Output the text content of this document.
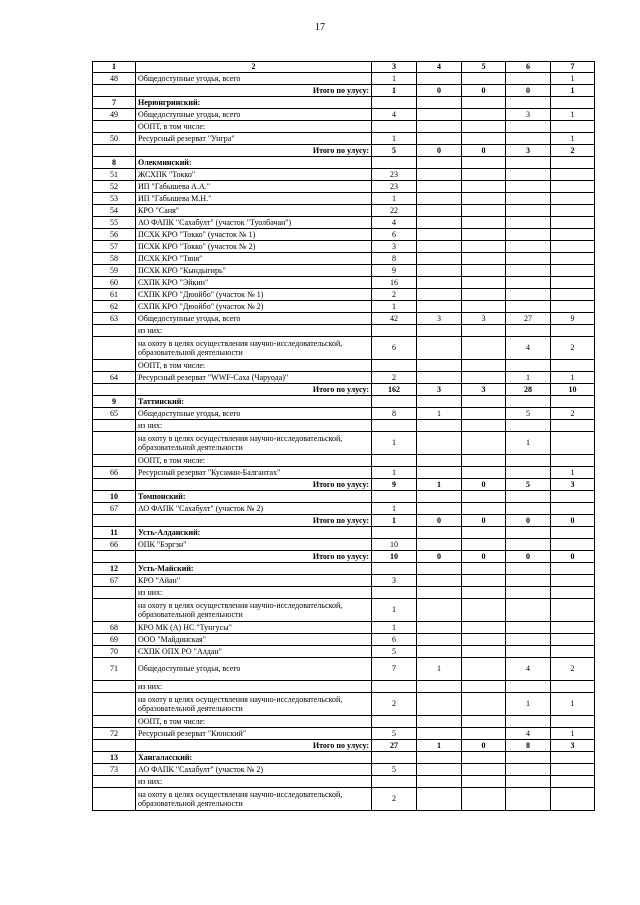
17
1	2	3	4	5	6	7
48	Общедоступные угодья, всего	1				1
	Итого по улусу:	1	0	0	0	1
7	Нерюнгринский:					
49	Общедоступные угодья, всего	4			3	1
	ООПТ, в том числе:					
50	Ресурсный резерват "Унгра"	1				1
	Итого по улусу:	5	0	0	3	2
8	Олекминский:					
51	ЖСХПК "Токко"	23				
52	ИП "Габышева А.А."	23				
53	ИП "Габышева М.Н."	1				
54	КРО "Саня"	22				
55	АО ФАПК "Сахабулт" (участок "Туолбачан")	4				
56	ПСХК КРО "Токко" (участок № 1)	6				
57	ПСХК КРО "Токко" (участок № 2)	3				
58	ПСХК КРО "Тяня"	8				
59	ПСХК КРО "Кындыгирь"	9				
60	СХПК КРО "Эйкин"	16				
61	СХПК КРО "Дюойбо" (участок № 1)	2				
62	СХПК КРО "Дюойбо" (участок № 2)	1				
63	Общедоступные угодья, всего	42	3	3	27	9
	из них:					
	на охоту в целях осуществления научно-исследовательской, образовательной деятельности	6			4	2
	ООПТ, в том числе:					
64	Ресурсный резерват "WWF-Саха (Чаруода)"	2			1	1
	Итого по улусу:	162	3	3	28	10
9	Таттинский:					
65	Общедоступные угодья, всего	8	1		5	2
	из них:					
	на охоту в целях осуществления научно-исследовательской, образовательной деятельности	1			1	
	ООПТ, в том числе:					
66	Ресурсный резерват "Кусаман-Балгантах"	1				1
	Итого по улусу:	9	1	0	5	3
10	Томпонский:					
67	АО ФАПК "Сахабулт" (участок № 2)	1				
	Итого по улусу:	1	0	0	0	0
11	Усть-Алданский:					
66	ОПК "Бэргэн"	10				
	Итого по улусу:	10	0	0	0	0
12	Усть-Майский:					
67	КРО "Айан"	3				
	из них:					
	на охоту в целях осуществления научно-исследовательской, образовательной деятельности	1				
68	КРО МК (А) НС "Тунгусы"	1				
69	ООО "Майдинская"	6				
70	СХПК ОПХ РО "Алдан"	5				
71	Общедоступные угодья, всего	7	1		4	2
	из них:					
	на охоту в целях осуществления научно-исследовательской, образовательной деятельности	2			1	1
	ООПТ, в том числе:					
72	Ресурсный резерват "Кюнский"	5			4	1
	Итого по улусу:	27	1	0	8	3
13	Хангаласский:					
73	АО ФАПК "Сахабулт" (участок № 2)	5				
	из них:					
	на охоту в целях осуществления научно-исследовательской, образовательной деятельности	2				
